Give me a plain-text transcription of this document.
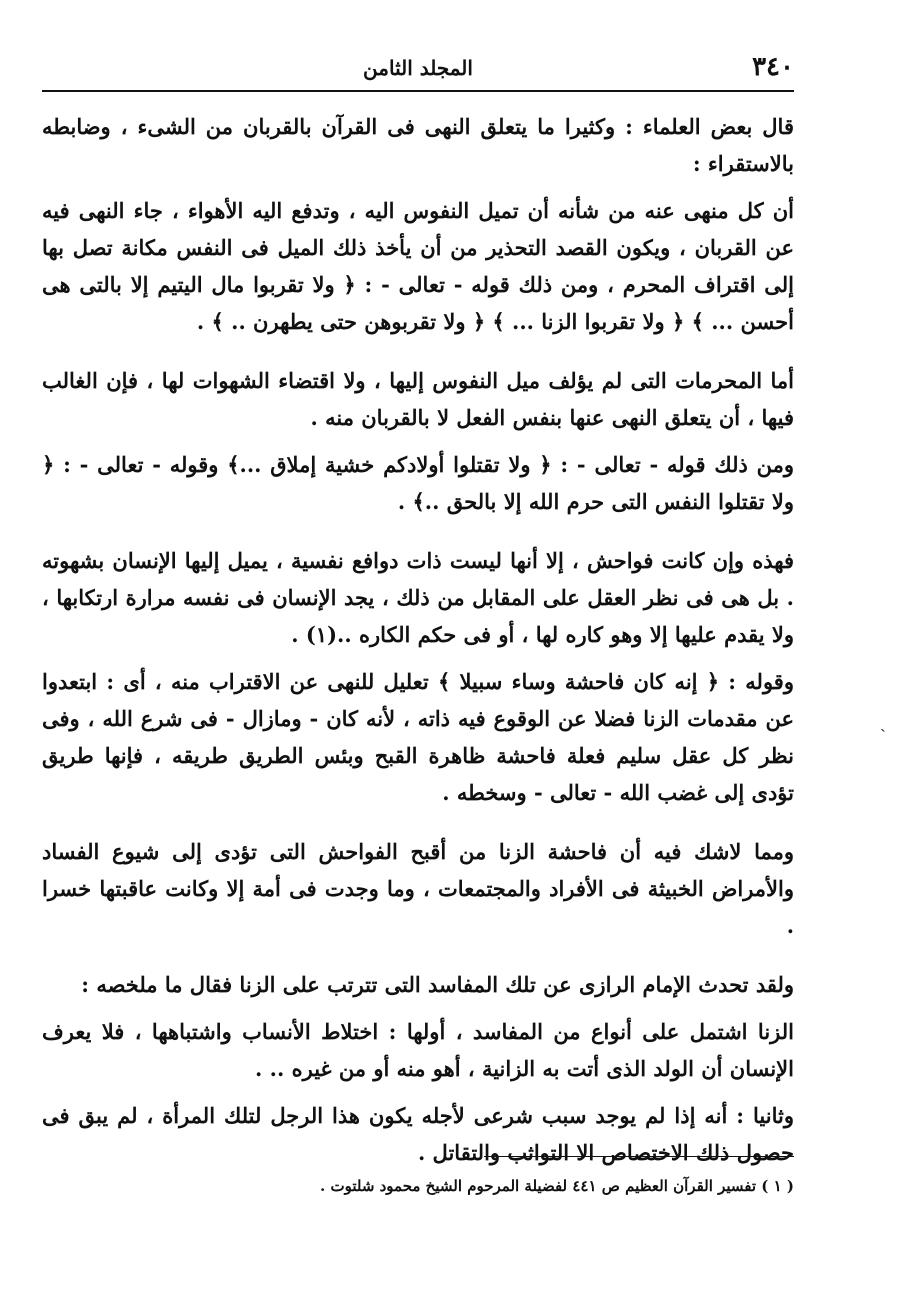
٣٤٠
المجلد الثامن

قال بعض العلماء : وكثيرا ما يتعلق النهى فى القرآن بالقربان من الشىء ، وضابطه بالاستقراء :

أن كل منهى عنه من شأنه أن تميل النفوس اليه ، وتدفع اليه الأهواء ، جاء النهى فيه عن القربان ، ويكون القصد التحذير من أن يأخذ ذلك الميل فى النفس مكانة تصل بها إلى اقتراف المحرم ، ومن ذلك قوله - تعالى - : ﴿ ولا تقربوا مال اليتيم إلا بالتى هى أحسن ... ﴾ ﴿ ولا تقربوا الزنا ... ﴾ ﴿ ولا تقربوهن حتى يطهرن .. ﴾ .

أما المحرمات التى لم يؤلف ميل النفوس إليها ، ولا اقتضاء الشهوات لها ، فإن الغالب فيها ، أن يتعلق النهى عنها بنفس الفعل لا بالقربان منه .

ومن ذلك قوله - تعالى - : ﴿ ولا تقتلوا أولادكم خشية إملاق ...﴾ وقوله - تعالى - : ﴿ ولا تقتلوا النفس التى حرم الله إلا بالحق ..﴾ .

فهذه وإن كانت فواحش ، إلا أنها ليست ذات دوافع نفسية ، يميل إليها الإنسان بشهوته . بل هى فى نظر العقل على المقابل من ذلك ، يجد الإنسان فى نفسه مرارة ارتكابها ، ولا يقدم عليها إلا وهو كاره لها ، أو فى حكم الكاره ..(١) .

وقوله : ﴿ إنه كان فاحشة وساء سبيلا ﴾ تعليل للنهى عن الاقتراب منه ، أى : ابتعدوا عن مقدمات الزنا فضلا عن الوقوع فيه ذاته ، لأنه كان - ومازال - فى شرع الله ، وفى نظر كل عقل سليم فعلة فاحشة ظاهرة القبح وبئس الطريق طريقه ، فإنها طريق تؤدى إلى غضب الله - تعالى - وسخطه .

ومما لاشك فيه أن فاحشة الزنا من أقبح الفواحش التى تؤدى إلى شيوع الفساد والأمراض الخبيثة فى الأفراد والمجتمعات ، وما وجدت فى أمة إلا وكانت عاقبتها خسرا .

ولقد تحدث الإمام الرازى عن تلك المفاسد التى تترتب على الزنا فقال ما ملخصه :

الزنا اشتمل على أنواع من المفاسد ، أولها : اختلاط الأنساب واشتباهها ، فلا يعرف الإنسان أن الولد الذى أتت به الزانية ، أهو منه أو من غيره .. .

وثانيا : أنه إذا لم يوجد سبب شرعى لأجله يكون هذا الرجل لتلك المرأة ، لم يبق فى حصول ذلك الاختصاص الا التواثب والتقاتل .

ˏ
( ١ ) تفسير القرآن العظيم ص ٤٤١ لفضيلة المرحوم الشيخ محمود شلتوت .
